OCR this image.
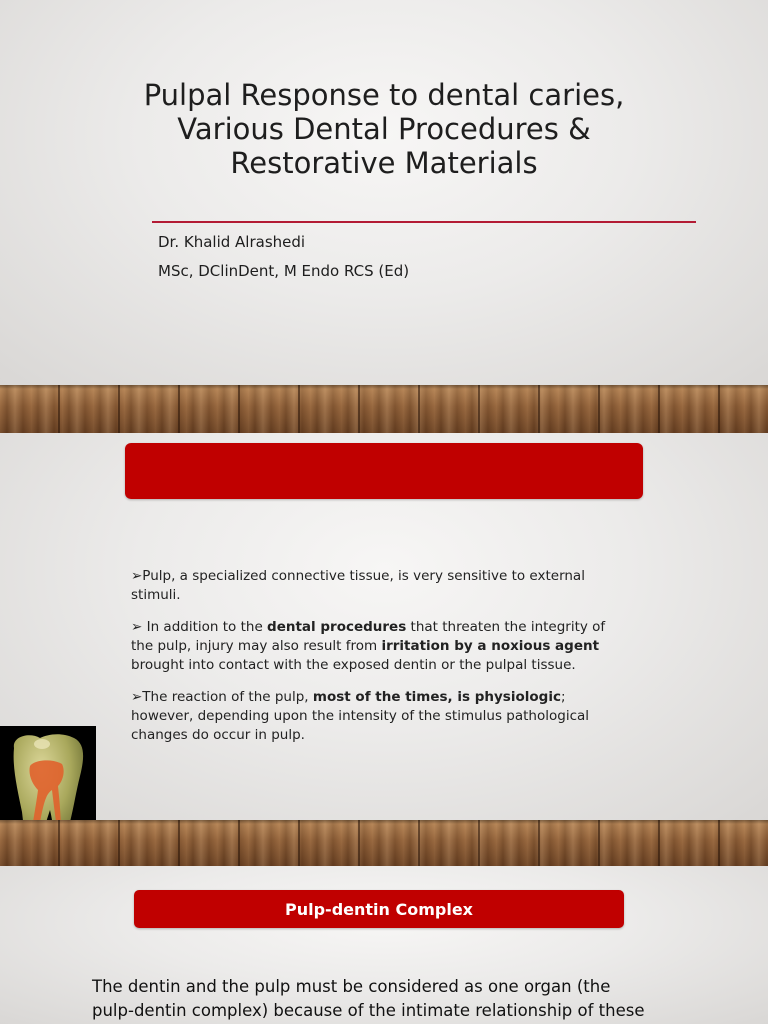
Pulpal Response to dental caries,
Various Dental Procedures &
Restorative Materials
Dr. Khalid Alrashedi
MSc, DClinDent, M Endo RCS (Ed)

➢Pulp, a specialized connective tissue, is very sensitive to external stimuli.

➢ In addition to the dental procedures that threaten the integrity of the pulp, injury may also result from irritation by a noxious agent brought into contact with the exposed dentin or the pulpal tissue.

➢The reaction of the pulp, most of the times, is physiologic; however, depending upon the intensity of the stimulus pathological changes do occur in pulp.

Pulp-dentin Complex

The dentin and the pulp must be considered as one organ (the pulp-dentin complex) because of the intimate relationship of these
